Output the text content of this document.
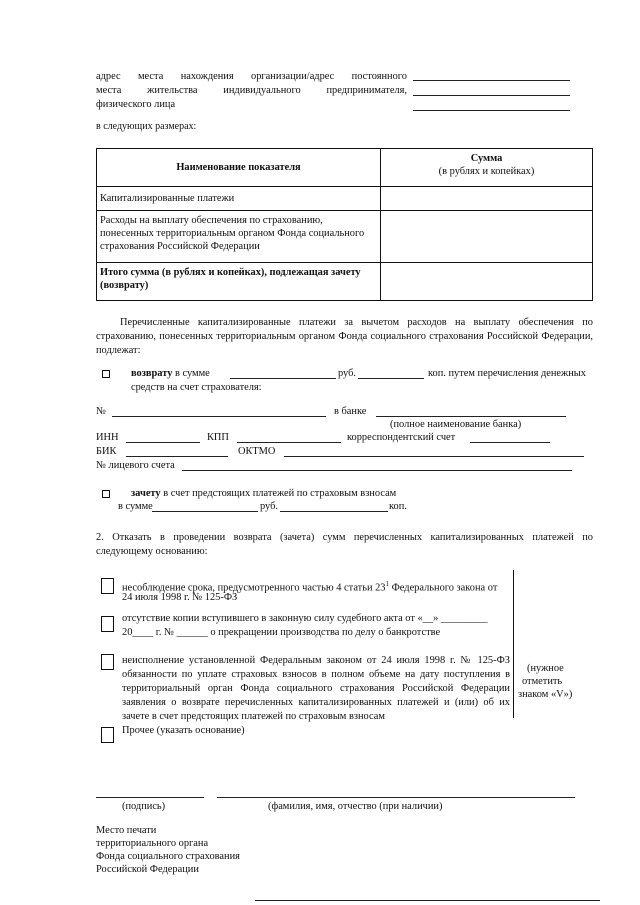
адрес места нахождения организации/адрес постоянного
места жительства индивидуального предпринимателя,
физического лица
в следующих размерах:
Наименование показателя	Сумма
(в рублях и копейках)

Капитализированные платежи	
Расходы на выплату обеспечения по страхованию, понесенных территориальным органом Фонда социального страхования Российской Федерации	
Итого сумма (в рублях и копейках), подлежащая зачету (возврату)	
Перечисленные капитализированные платежи за вычетом расходов на выплату обеспечения по страхованию, понесенных территориальным органом Фонда социального страхования Российской Федерации, подлежат:
возврату в сумме	руб.	коп. путем перечисления денежных
средств на счет страхователя:
№	в банке
(полное наименование банка)
ИНН	КПП	корреспондентский счет
БИК	ОКТМО
№ лицевого счета
зачету в счет предстоящих платежей по страховым взносам
в сумме	руб.	коп.
2. Отказать в проведении возврата (зачета) сумм перечисленных капитализированных платежей по
следующему основанию:
несоблюдение срока, предусмотренного частью 4 статьи $23^1$ Федерального закона от
24 июля 1998 г. № 125-ФЗ
отсутствие копии вступившего в законную силу судебного акта от «__» _________
20____ г. № ______ о прекращении производства по делу о банкротстве
неисполнение установленной Федеральным законом от 24 июля 1998 г. № 125-ФЗ обязанности по уплате страховых взносов в полном объеме на дату поступления в территориальный орган Фонда социального страхования Российской Федерации заявления о возврате перечисленных капитализированных платежей и (или) об их зачете в счет предстоящих платежей по страховым взносам
Прочее (указать основание)
(нужное
отметить
знаком «V»)
(подпись)	(фамилия, имя, отчество (при наличии)
Место печати
территориального органа
Фонда социального страхования
Российской Федерации
